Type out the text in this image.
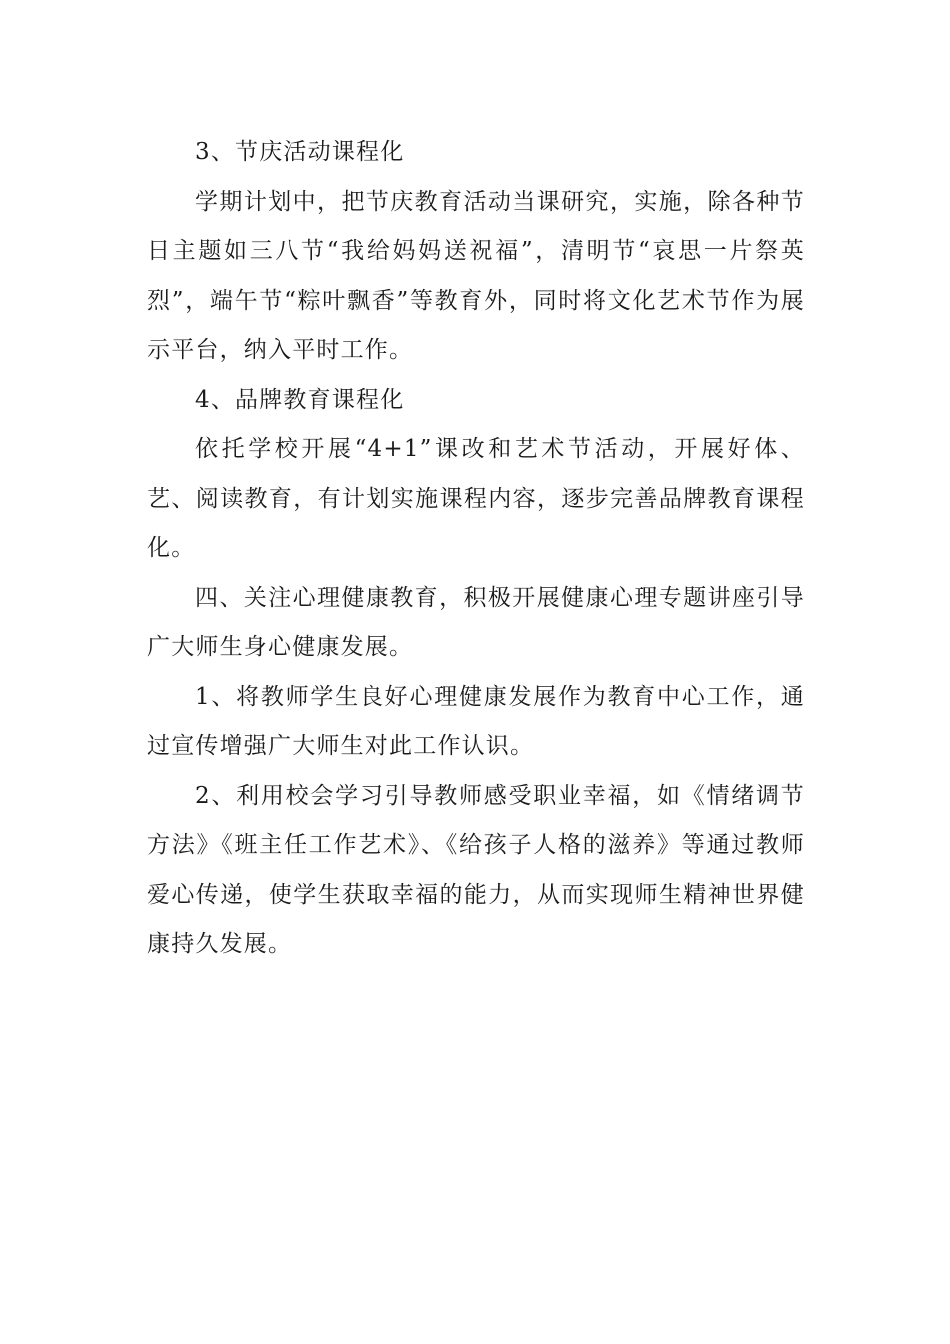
3、节庆活动课程化

学期计划中，把节庆教育活动当课研究，实施，除各种节日主题如三八节“我给妈妈送祝福”，清明节“哀思一片祭英烈”，端午节“粽叶飘香”等教育外，同时将文化艺术节作为展示平台，纳入平时工作。

4、品牌教育课程化

依托学校开展“4+1”课改和艺术节活动，开展好体、艺、阅读教育，有计划实施课程内容，逐步完善品牌教育课程化。

四、关注心理健康教育，积极开展健康心理专题讲座引导广大师生身心健康发展。

1、将教师学生良好心理健康发展作为教育中心工作，通过宣传增强广大师生对此工作认识。

2、利用校会学习引导教师感受职业幸福，如《情绪调节方法》《班主任工作艺术》、《给孩子人格的滋养》等通过教师爱心传递，使学生获取幸福的能力，从而实现师生精神世界健康持久发展。
